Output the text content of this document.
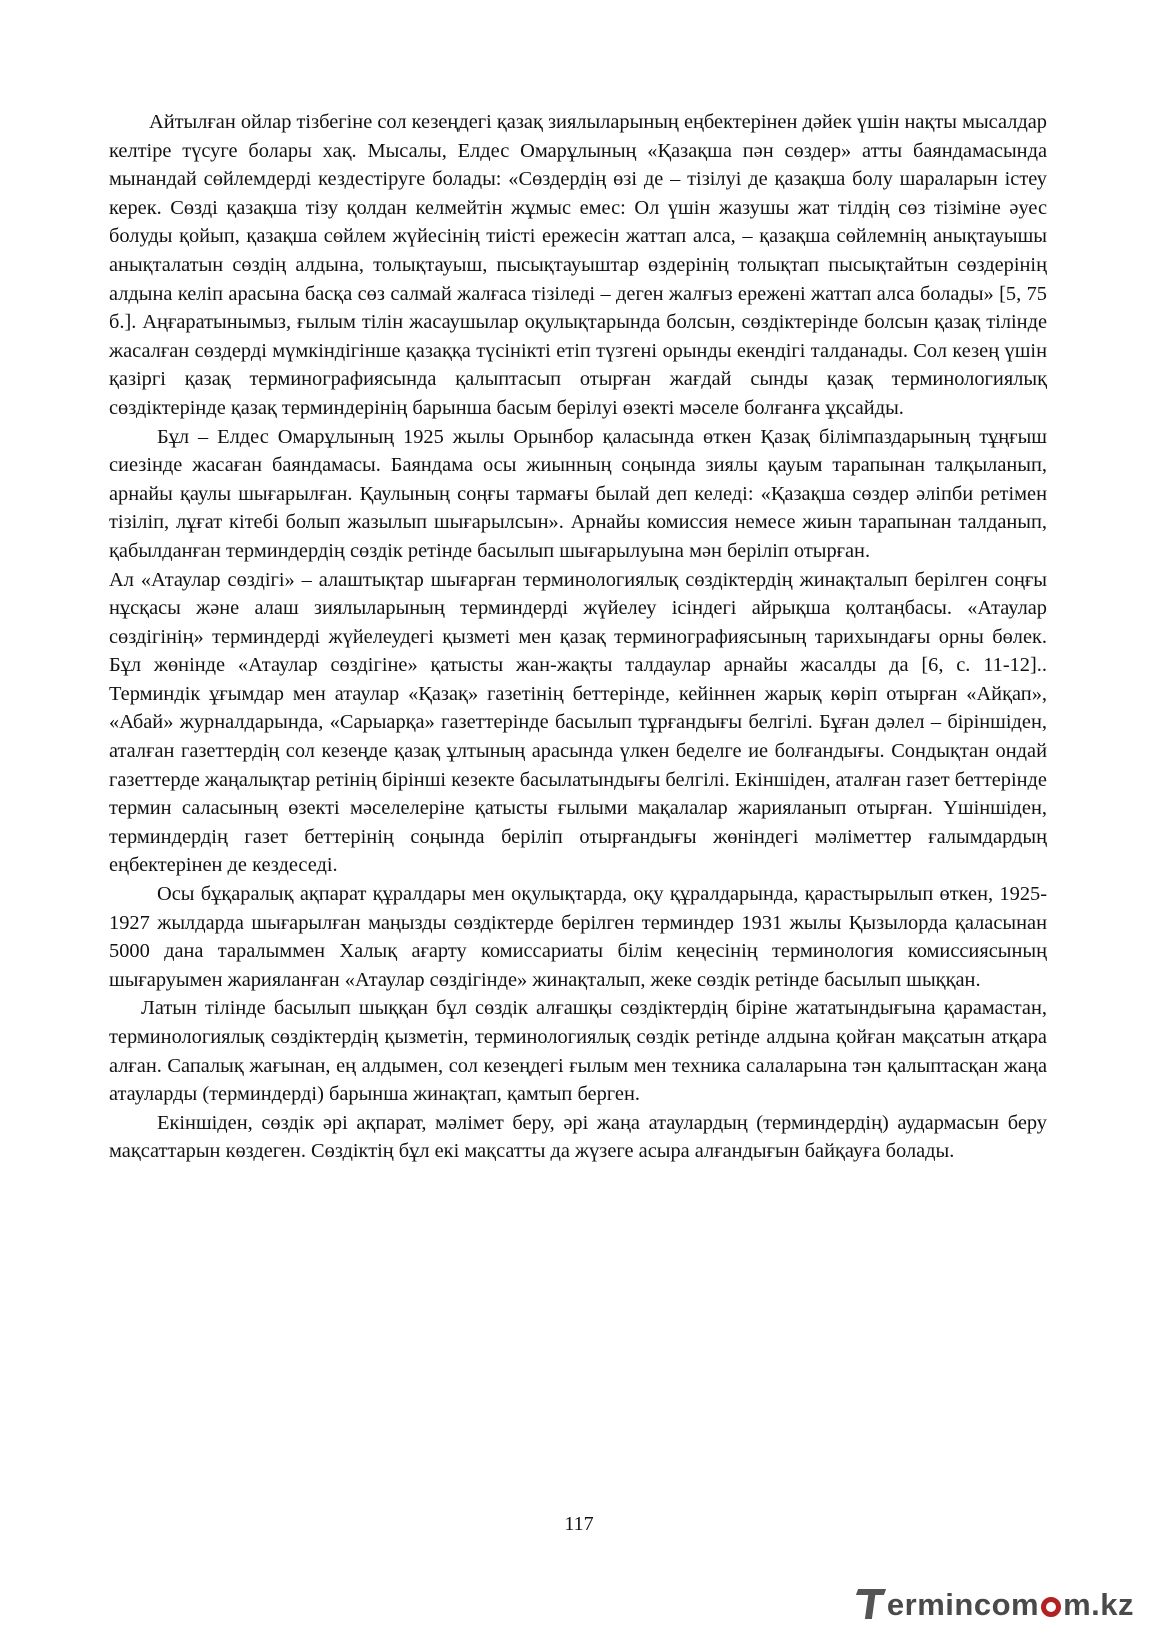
Айтылған ойлар тізбегіне сол кезеңдегі қазақ зиялыларының еңбектерінен дәйек үшін нақты мысалдар келтіре түсуге болары хақ. Мысалы, Елдес Омарұлының «Қазақша пән сөздер» атты баяндамасында мынандай сөйлемдерді кездестіруге болады: «Сөздердің өзі де – тізілуі де қазақша болу шараларын істеу керек. Сөзді қазақша тізу қолдан келмейтін жұмыс емес: Ол үшін жазушы жат тілдің сөз тізіміне әуес болуды қойып, қазақша сөйлем жүйесінің тиісті ережесін жаттап алса, – қазақша сөйлемнің анықтауышы анықталатын сөздің алдына, толықтауыш, пысықтауыштар өздерінің толықтап пысықтайтын сөздерінің алдына келіп арасына басқа сөз салмай жалғаса тізіледі – деген жалғыз ережені жаттап алса болады» [5, 75 б.]. Аңғаратынымыз, ғылым тілін жасаушылар оқулықтарында болсын, сөздіктерінде болсын қазақ тілінде жасалған сөздерді мүмкіндігінше қазаққа түсінікті етіп түзгені орынды екендігі талданады. Сол кезең үшін қазіргі қазақ терминографиясында қалыптасып отырған жағдай сынды қазақ терминологиялық сөздіктерінде қазақ терминдерінің барынша басым берілуі өзекті мәселе болғанға ұқсайды.

Бұл – Елдес Омарұлының 1925 жылы Орынбор қаласында өткен Қазақ білімпаздарының тұңғыш сиезінде жасаған баяндамасы. Баяндама осы жиынның соңында зиялы қауым тарапынан талқыланып, арнайы қаулы шығарылған. Қаулының соңғы тармағы былай деп келеді: «Қазақша сөздер әліпби ретімен тізіліп, лұғат кітебі болып жазылып шығарылсын». Арнайы комиссия немесе жиын тарапынан талданып, қабылданған терминдердің сөздік ретінде басылып шығарылуына мән беріліп отырған.

Ал «Атаулар сөздігі» – алаштықтар шығарған терминологиялық сөздіктердің жинақталып берілген соңғы нұсқасы және алаш зиялыларының терминдерді жүйелеу ісіндегі айрықша қолтаңбасы. «Атаулар сөздігінің» терминдерді жүйелеудегі қызметі мен қазақ терминографиясының тарихындағы орны бөлек. Бұл жөнінде «Атаулар сөздігіне» қатысты жан-жақты талдаулар арнайы жасалды да [6, с. 11-12].. Терминдік ұғымдар мен атаулар «Қазақ» газетінің беттерінде, кейіннен жарық көріп отырған «Айқап», «Абай» журналдарында, «Сарыарқа» газеттерінде басылып тұрғандығы белгілі. Бұған дәлел – біріншіден, аталған газеттердің сол кезеңде қазақ ұлтының арасында үлкен беделге ие болғандығы. Сондықтан ондай газеттерде жаңалықтар ретінің бірінші кезекте басылатындығы белгілі. Екіншіден, аталған газет беттерінде термин саласының өзекті мәселелеріне қатысты ғылыми мақалалар жарияланып отырған. Үшіншіден, терминдердің газет беттерінің соңында беріліп отырғандығы жөніндегі мәліметтер ғалымдардың еңбектерінен де кездеседі.

Осы бұқаралық ақпарат құралдары мен оқулықтарда, оқу құралдарында, қарастырылып өткен, 1925-1927 жылдарда шығарылған маңызды сөздіктерде берілген терминдер 1931 жылы Қызылорда қаласынан 5000 дана таралыммен Халық ағарту комиссариаты білім кеңесінің терминология комиссиясының шығаруымен жарияланған «Атаулар сөздігінде» жинақталып, жеке сөздік ретінде басылып шыққан.

Латын тілінде басылып шыққан бұл сөздік алғашқы сөздіктердің біріне жататындығына қарамастан, терминологиялық сөздіктердің қызметін, терминологиялық сөздік ретінде алдына қойған мақсатын атқара алған. Сапалық жағынан, ең алдымен, сол кезеңдегі ғылым мен техника салаларына тән қалыптасқан жаңа атауларды (терминдерді) барынша жинақтап, қамтып берген.

Екіншіден, сөздік әрі ақпарат, мәлімет беру, әрі жаңа атаулардың (терминдердің) аудармасын беру мақсаттарын көздеген. Сөздіктің бұл екі мақсатты да жүзеге асыра алғандығын байқауға болады.

117
ermincom m.kz
